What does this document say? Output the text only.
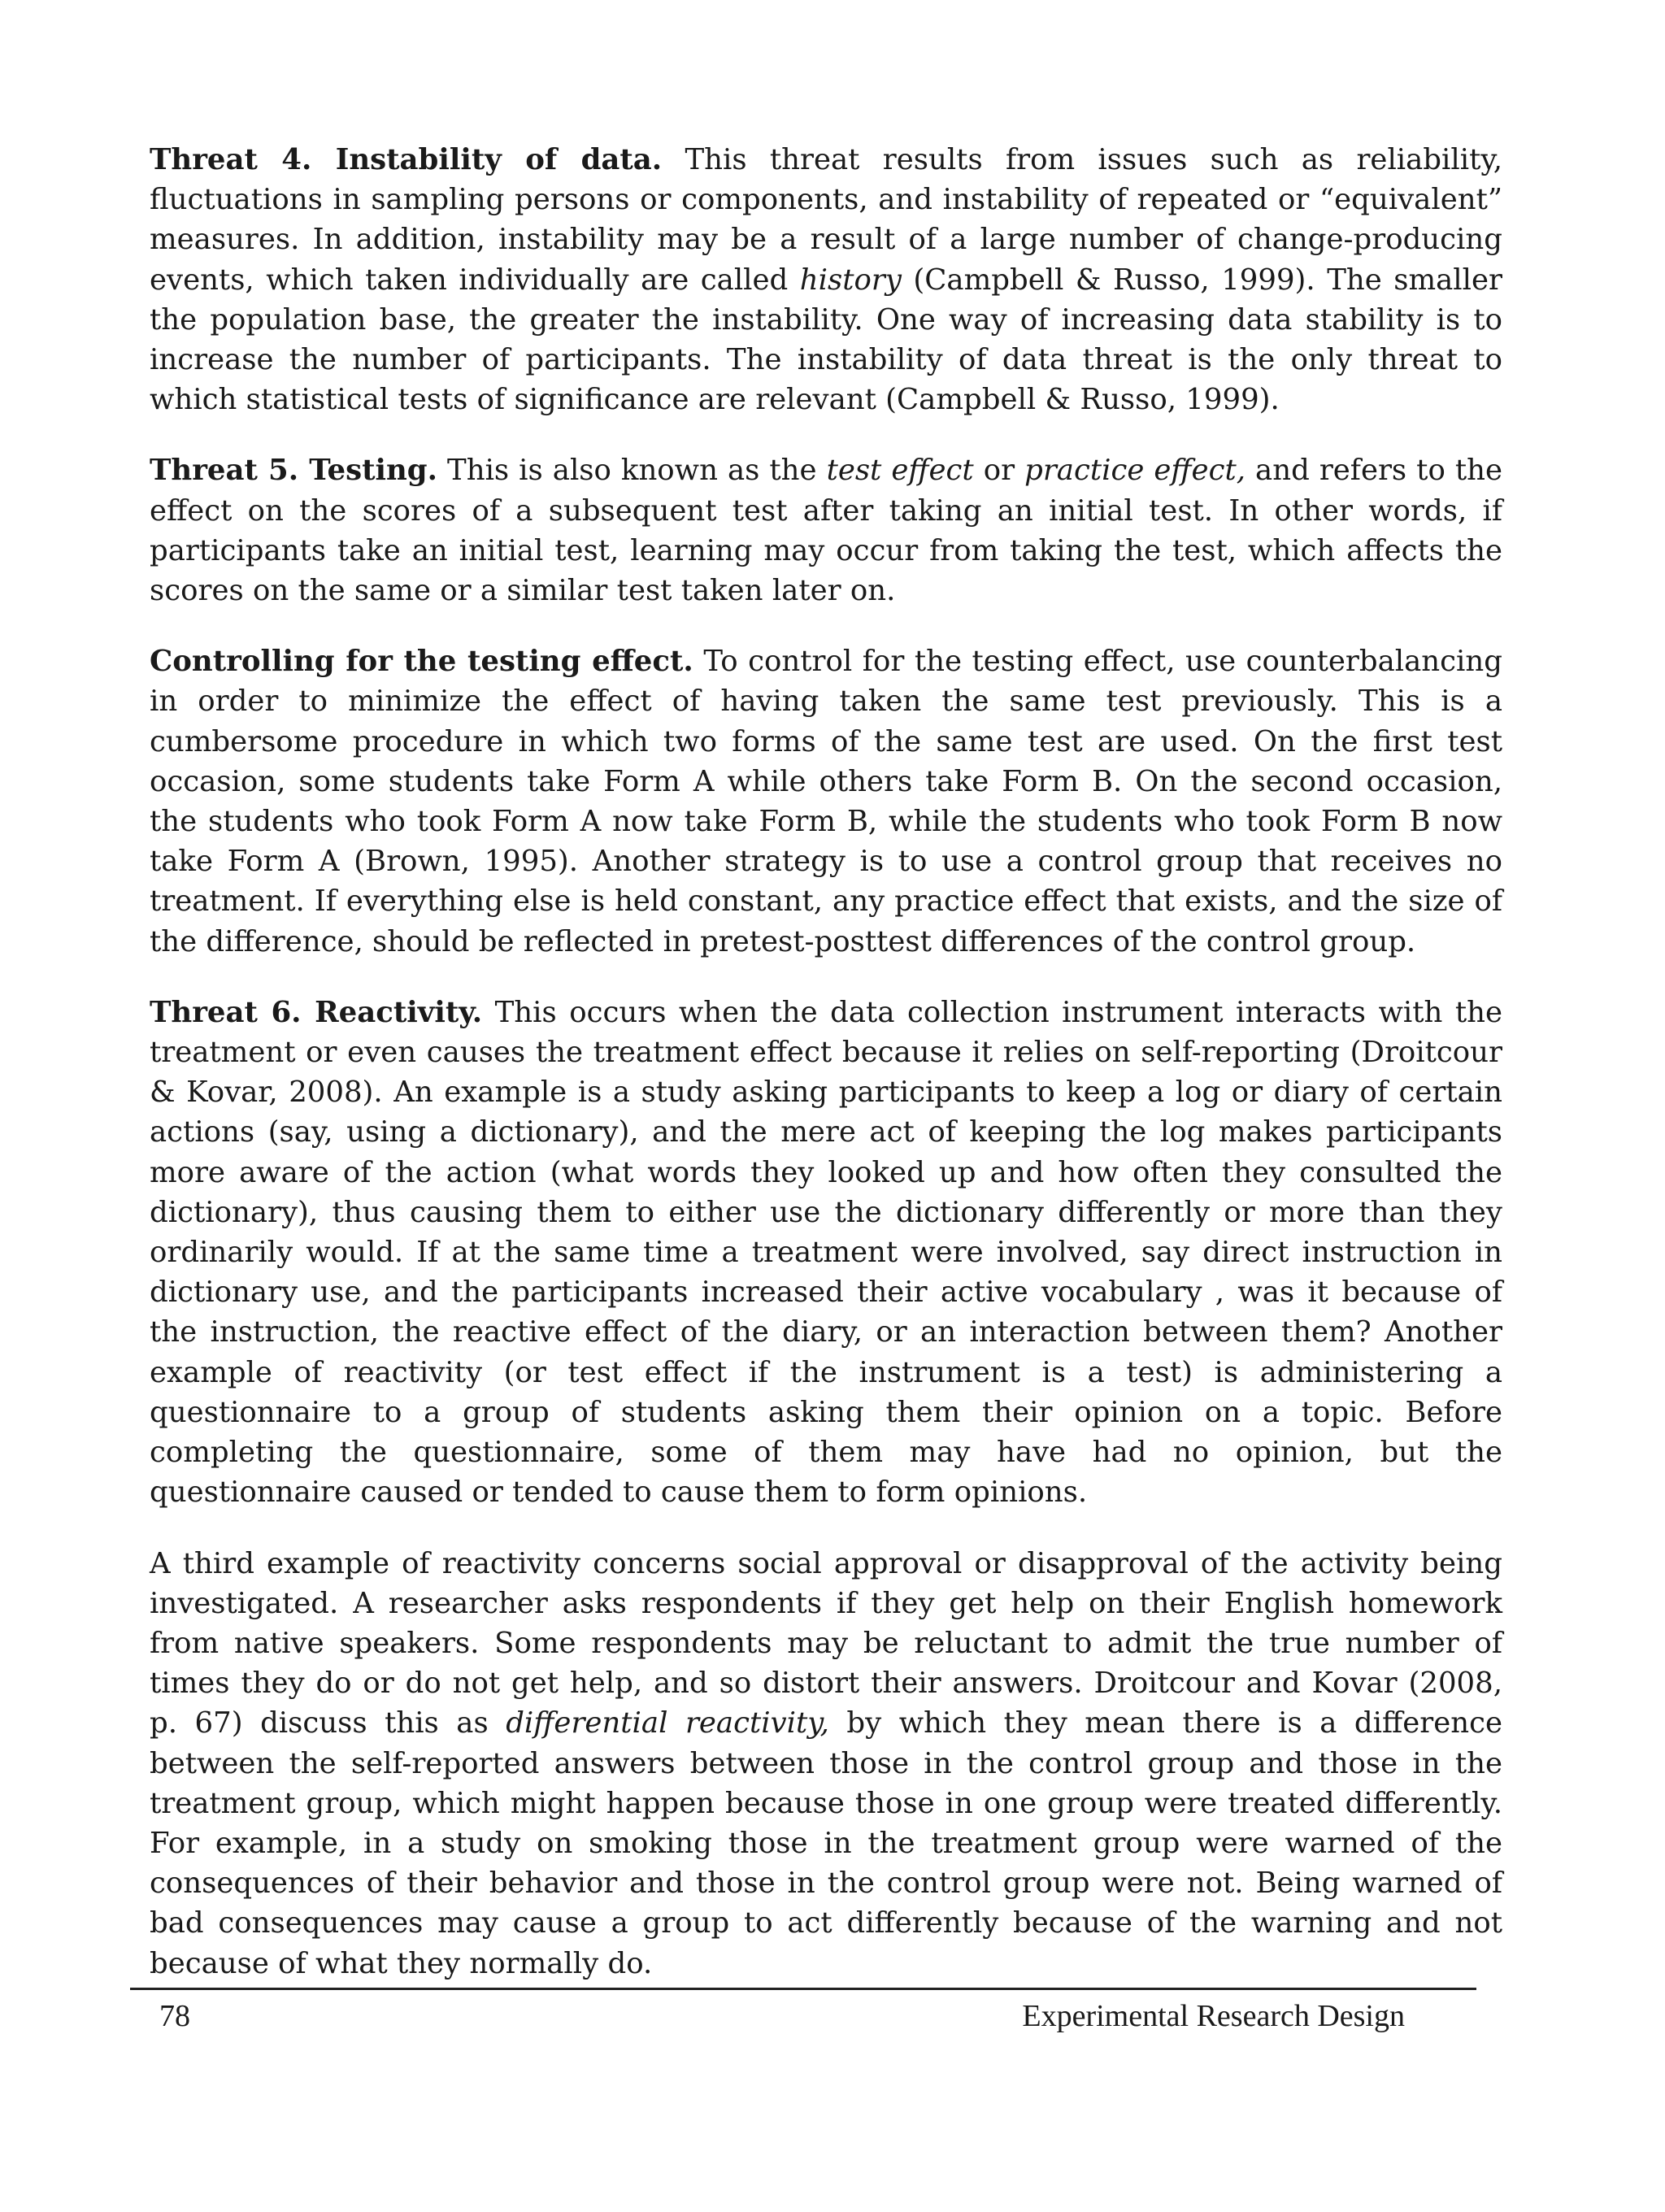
Threat 4. Instability of data. This threat results from issues such as reliability, fluctuations in sampling persons or components, and instability of repeated or “equivalent” measures. In addition, instability may be a result of a large number of change-producing events, which taken individually are called history (Campbell & Russo, 1999). The smaller the population base, the greater the instability. One way of increasing data stability is to increase the number of participants. The instability of data threat is the only threat to which statistical tests of significance are relevant (Campbell & Russo, 1999).

Threat 5. Testing. This is also known as the test effect or practice effect, and refers to the effect on the scores of a subsequent test after taking an initial test. In other words, if participants take an initial test, learning may occur from taking the test, which affects the scores on the same or a similar test taken later on.

Controlling for the testing effect. To control for the testing effect, use counterbalancing in order to minimize the effect of having taken the same test previously. This is a cumbersome procedure in which two forms of the same test are used. On the first test occasion, some students take Form A while others take Form B. On the second occasion, the students who took Form A now take Form B, while the students who took Form B now take Form A (Brown, 1995). Another strategy is to use a control group that receives no treatment. If everything else is held constant, any practice effect that exists, and the size of the difference, should be reflected in pretest-posttest differences of the control group.

Threat 6. Reactivity. This occurs when the data collection instrument interacts with the treatment or even causes the treatment effect because it relies on self-reporting (Droitcour & Kovar, 2008). An example is a study asking participants to keep a log or diary of certain actions (say, using a dictionary), and the mere act of keeping the log makes participants more aware of the action (what words they looked up and how often they consulted the dictionary), thus causing them to either use the dictionary differently or more than they ordinarily would. If at the same time a treatment were involved, say direct instruction in dictionary use, and the participants increased their active vocabulary , was it because of the instruction, the reactive effect of the diary, or an interaction between them? Another example of reactivity (or test effect if the instrument is a test) is administering a questionnaire to a group of students asking them their opinion on a topic. Before completing the questionnaire, some of them may have had no opinion, but the questionnaire caused or tended to cause them to form opinions.

A third example of reactivity concerns social approval or disapproval of the activity being investigated. A researcher asks respondents if they get help on their English homework from native speakers. Some respondents may be reluctant to admit the true number of times they do or do not get help, and so distort their answers. Droitcour and Kovar (2008, p. 67) discuss this as differential reactivity, by which they mean there is a difference between the self-reported answers between those in the control group and those in the treatment group, which might happen because those in one group were treated differently. For example, in a study on smoking those in the treatment group were warned of the consequences of their behavior and those in the control group were not. Being warned of bad consequences may cause a group to act differently because of the warning and not because of what they normally do.

78	Experimental Research Design
